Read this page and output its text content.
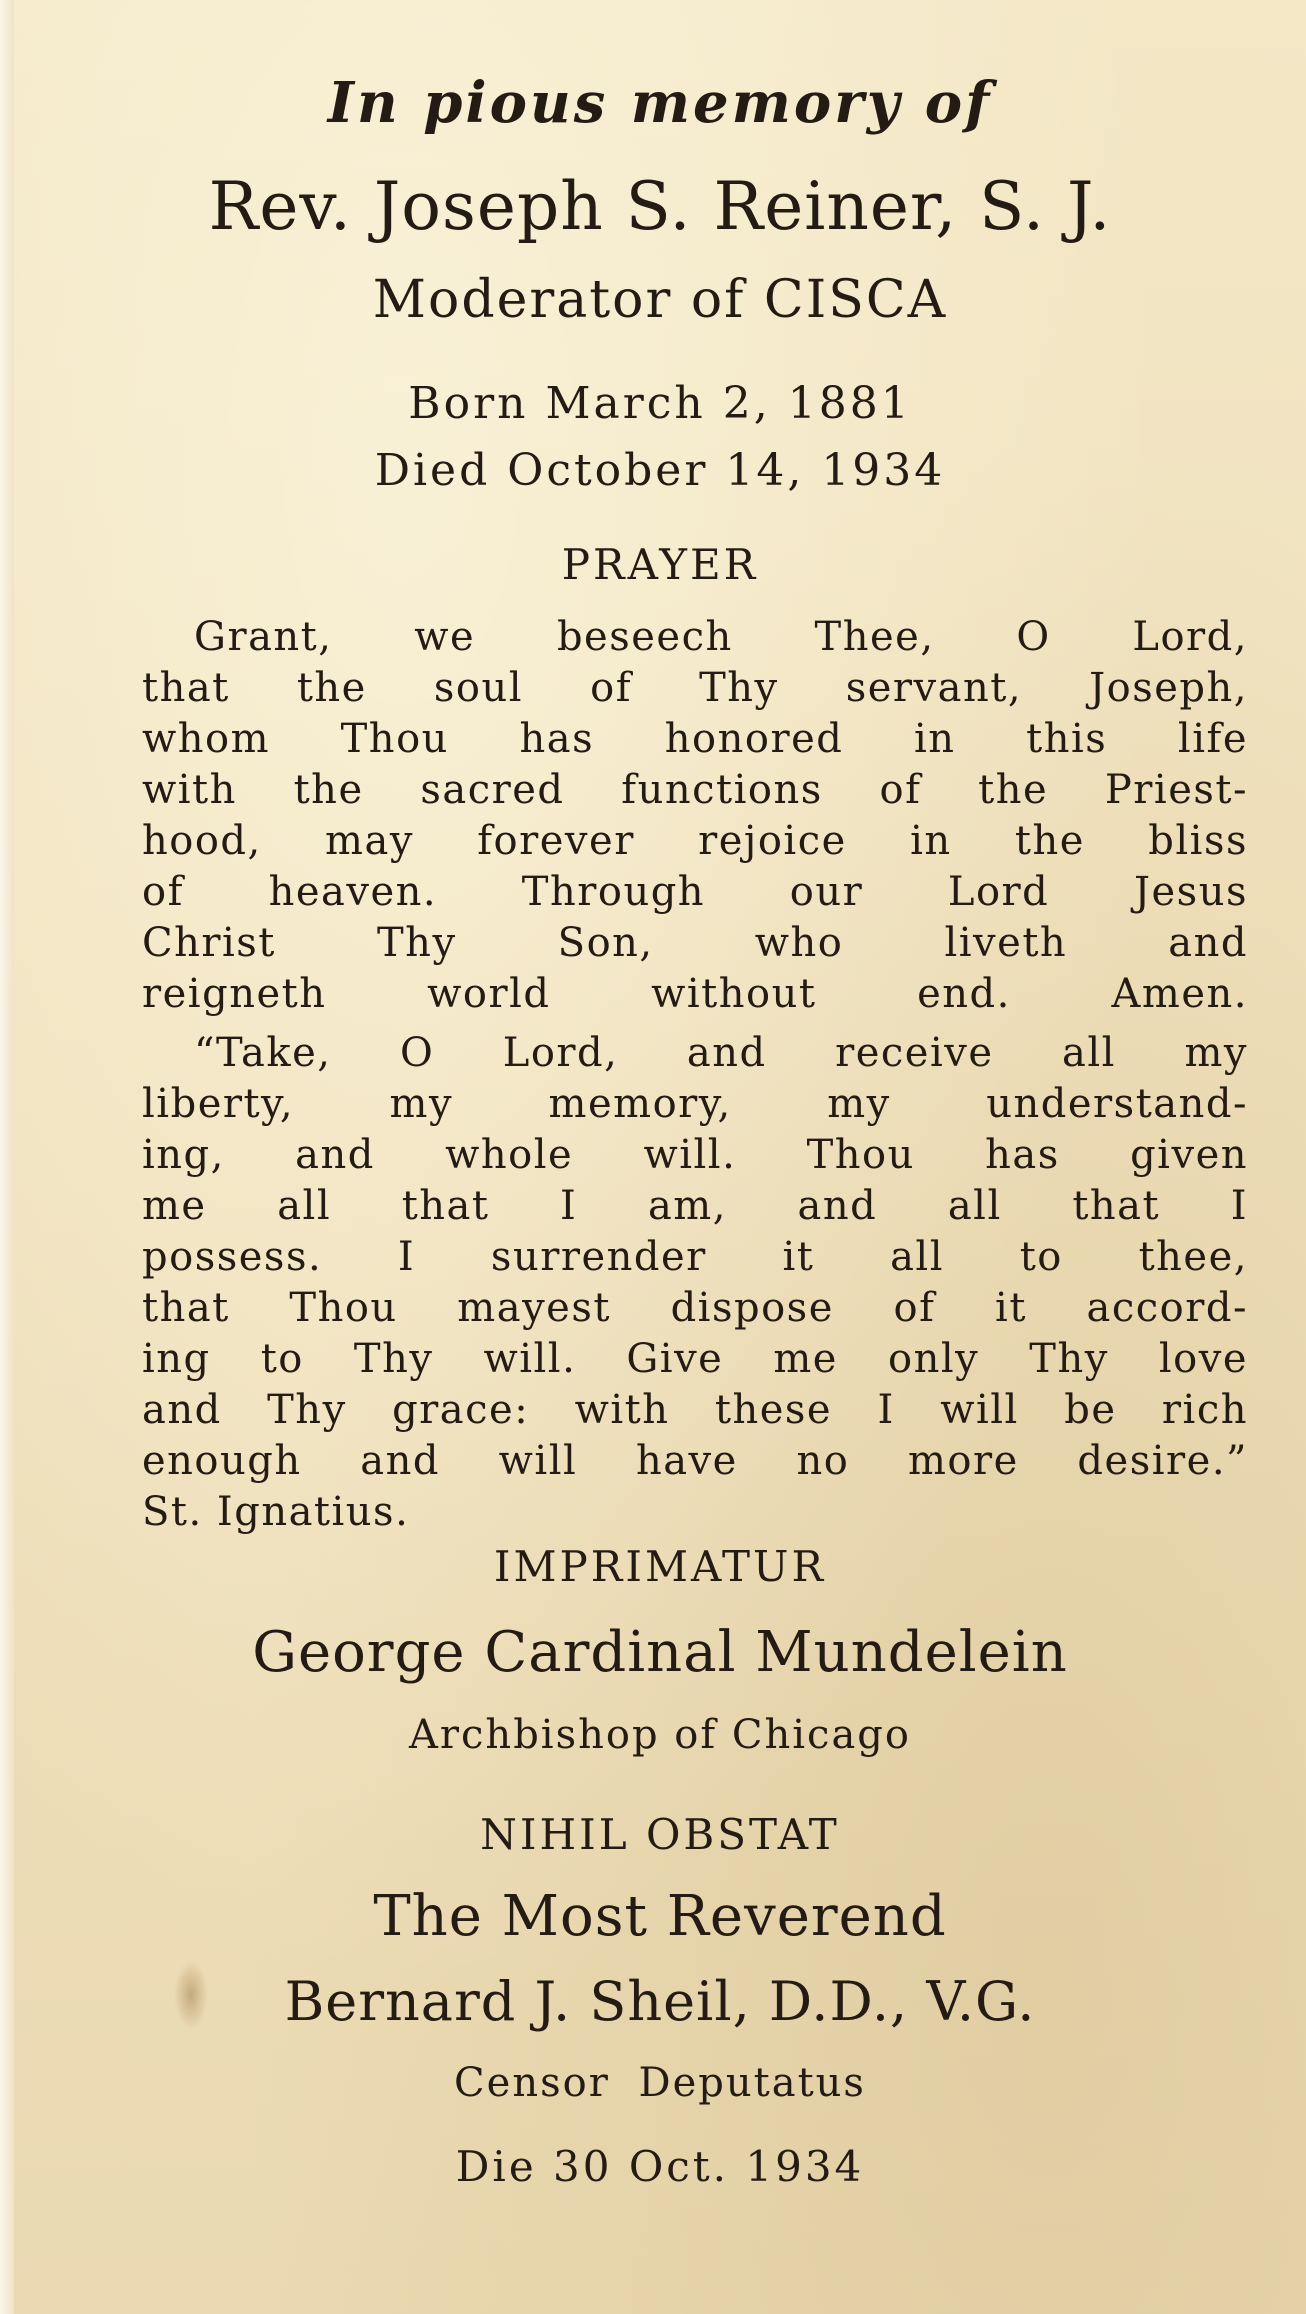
In pious memory of
Rev. Joseph S. Reiner, S. J.
Moderator of CISCA
Born March 2, 1881
Died October 14, 1934
PRAYER
Grant, we beseech Thee, O Lord,
that the soul of Thy servant, Joseph,
whom Thou has honored in this life
with the sacred functions of the Priest-
hood, may forever rejoice in the bliss
of heaven. Through our Lord Jesus
Christ Thy Son, who liveth and
reigneth world without end. Amen.
“Take, O Lord, and receive all my
liberty, my memory, my understand-
ing, and whole will. Thou has given
me all that I am, and all that I
possess. I surrender it all to thee,
that Thou mayest dispose of it accord-
ing to Thy will. Give me only Thy love
and Thy grace: with these I will be rich
enough and will have no more desire.”
St. Ignatius.
IMPRIMATUR
George Cardinal Mundelein
Archbishop of Chicago
NIHIL OBSTAT
The Most Reverend
Bernard J. Sheil, D.D., V.G.
Censor Deputatus
Die 30 Oct. 1934
